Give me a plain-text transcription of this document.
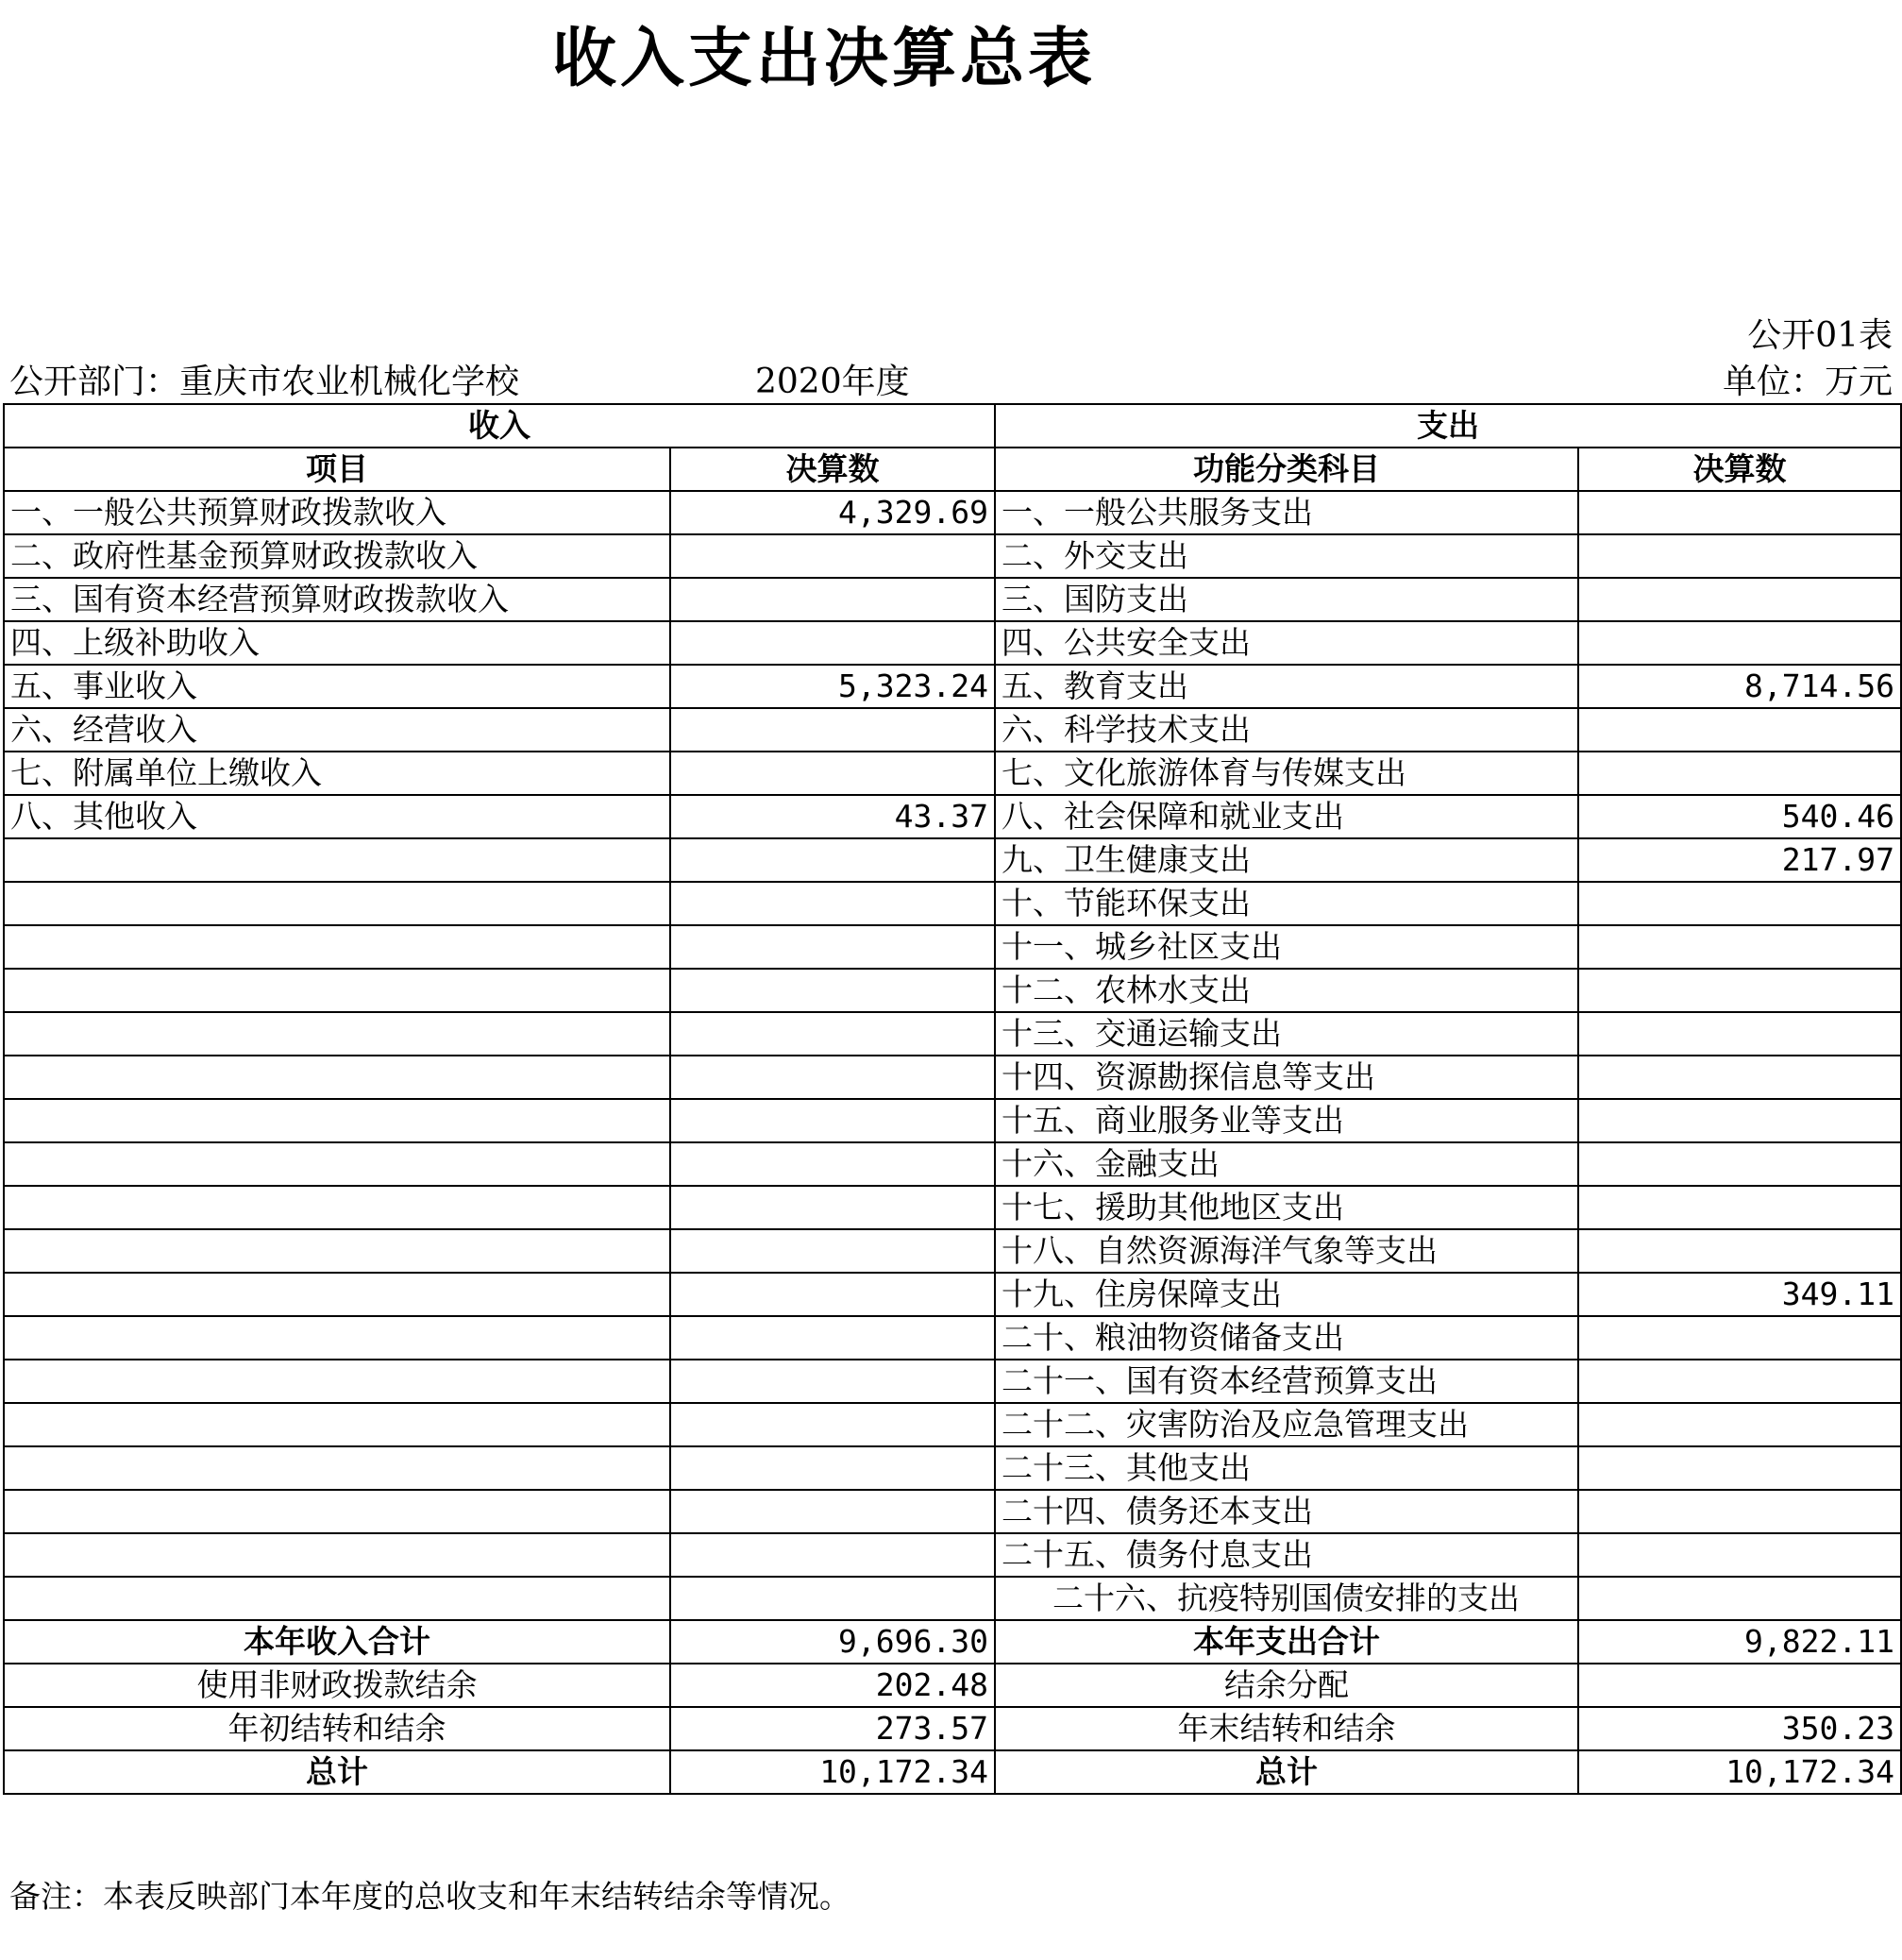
收入支出决算总表
公开01表
公开部门：重庆市农业机械化学校	2020年度	单位：万元
收入		支出	
项目	决算数	功能分类科目	决算数
一、一般公共预算财政拨款收入	4,329.69	一、一般公共服务支出	
二、政府性基金预算财政拨款收入		二、外交支出	
三、国有资本经营预算财政拨款收入		三、国防支出	
四、上级补助收入		四、公共安全支出	
五、事业收入	5,323.24	五、教育支出	8,714.56
六、经营收入		六、科学技术支出	
七、附属单位上缴收入		七、文化旅游体育与传媒支出	
八、其他收入	43.37	八、社会保障和就业支出	540.46
		九、卫生健康支出	217.97
		十、节能环保支出	
		十一、城乡社区支出	
		十二、农林水支出	
		十三、交通运输支出	
		十四、资源勘探信息等支出	
		十五、商业服务业等支出	
		十六、金融支出	
		十七、援助其他地区支出	
		十八、自然资源海洋气象等支出	
		十九、住房保障支出	349.11
		二十、粮油物资储备支出	
		二十一、国有资本经营预算支出	
		二十二、灾害防治及应急管理支出	
		二十三、其他支出	
		二十四、债务还本支出	
		二十五、债务付息支出	
		二十六、抗疫特别国债安排的支出	
本年收入合计	9,696.30	本年支出合计	9,822.11
使用非财政拨款结余	202.48	结余分配	
年初结转和结余	273.57	年末结转和结余	350.23
总计	10,172.34	总计	10,172.34
备注：本表反映部门本年度的总收支和年末结转结余等情况。
